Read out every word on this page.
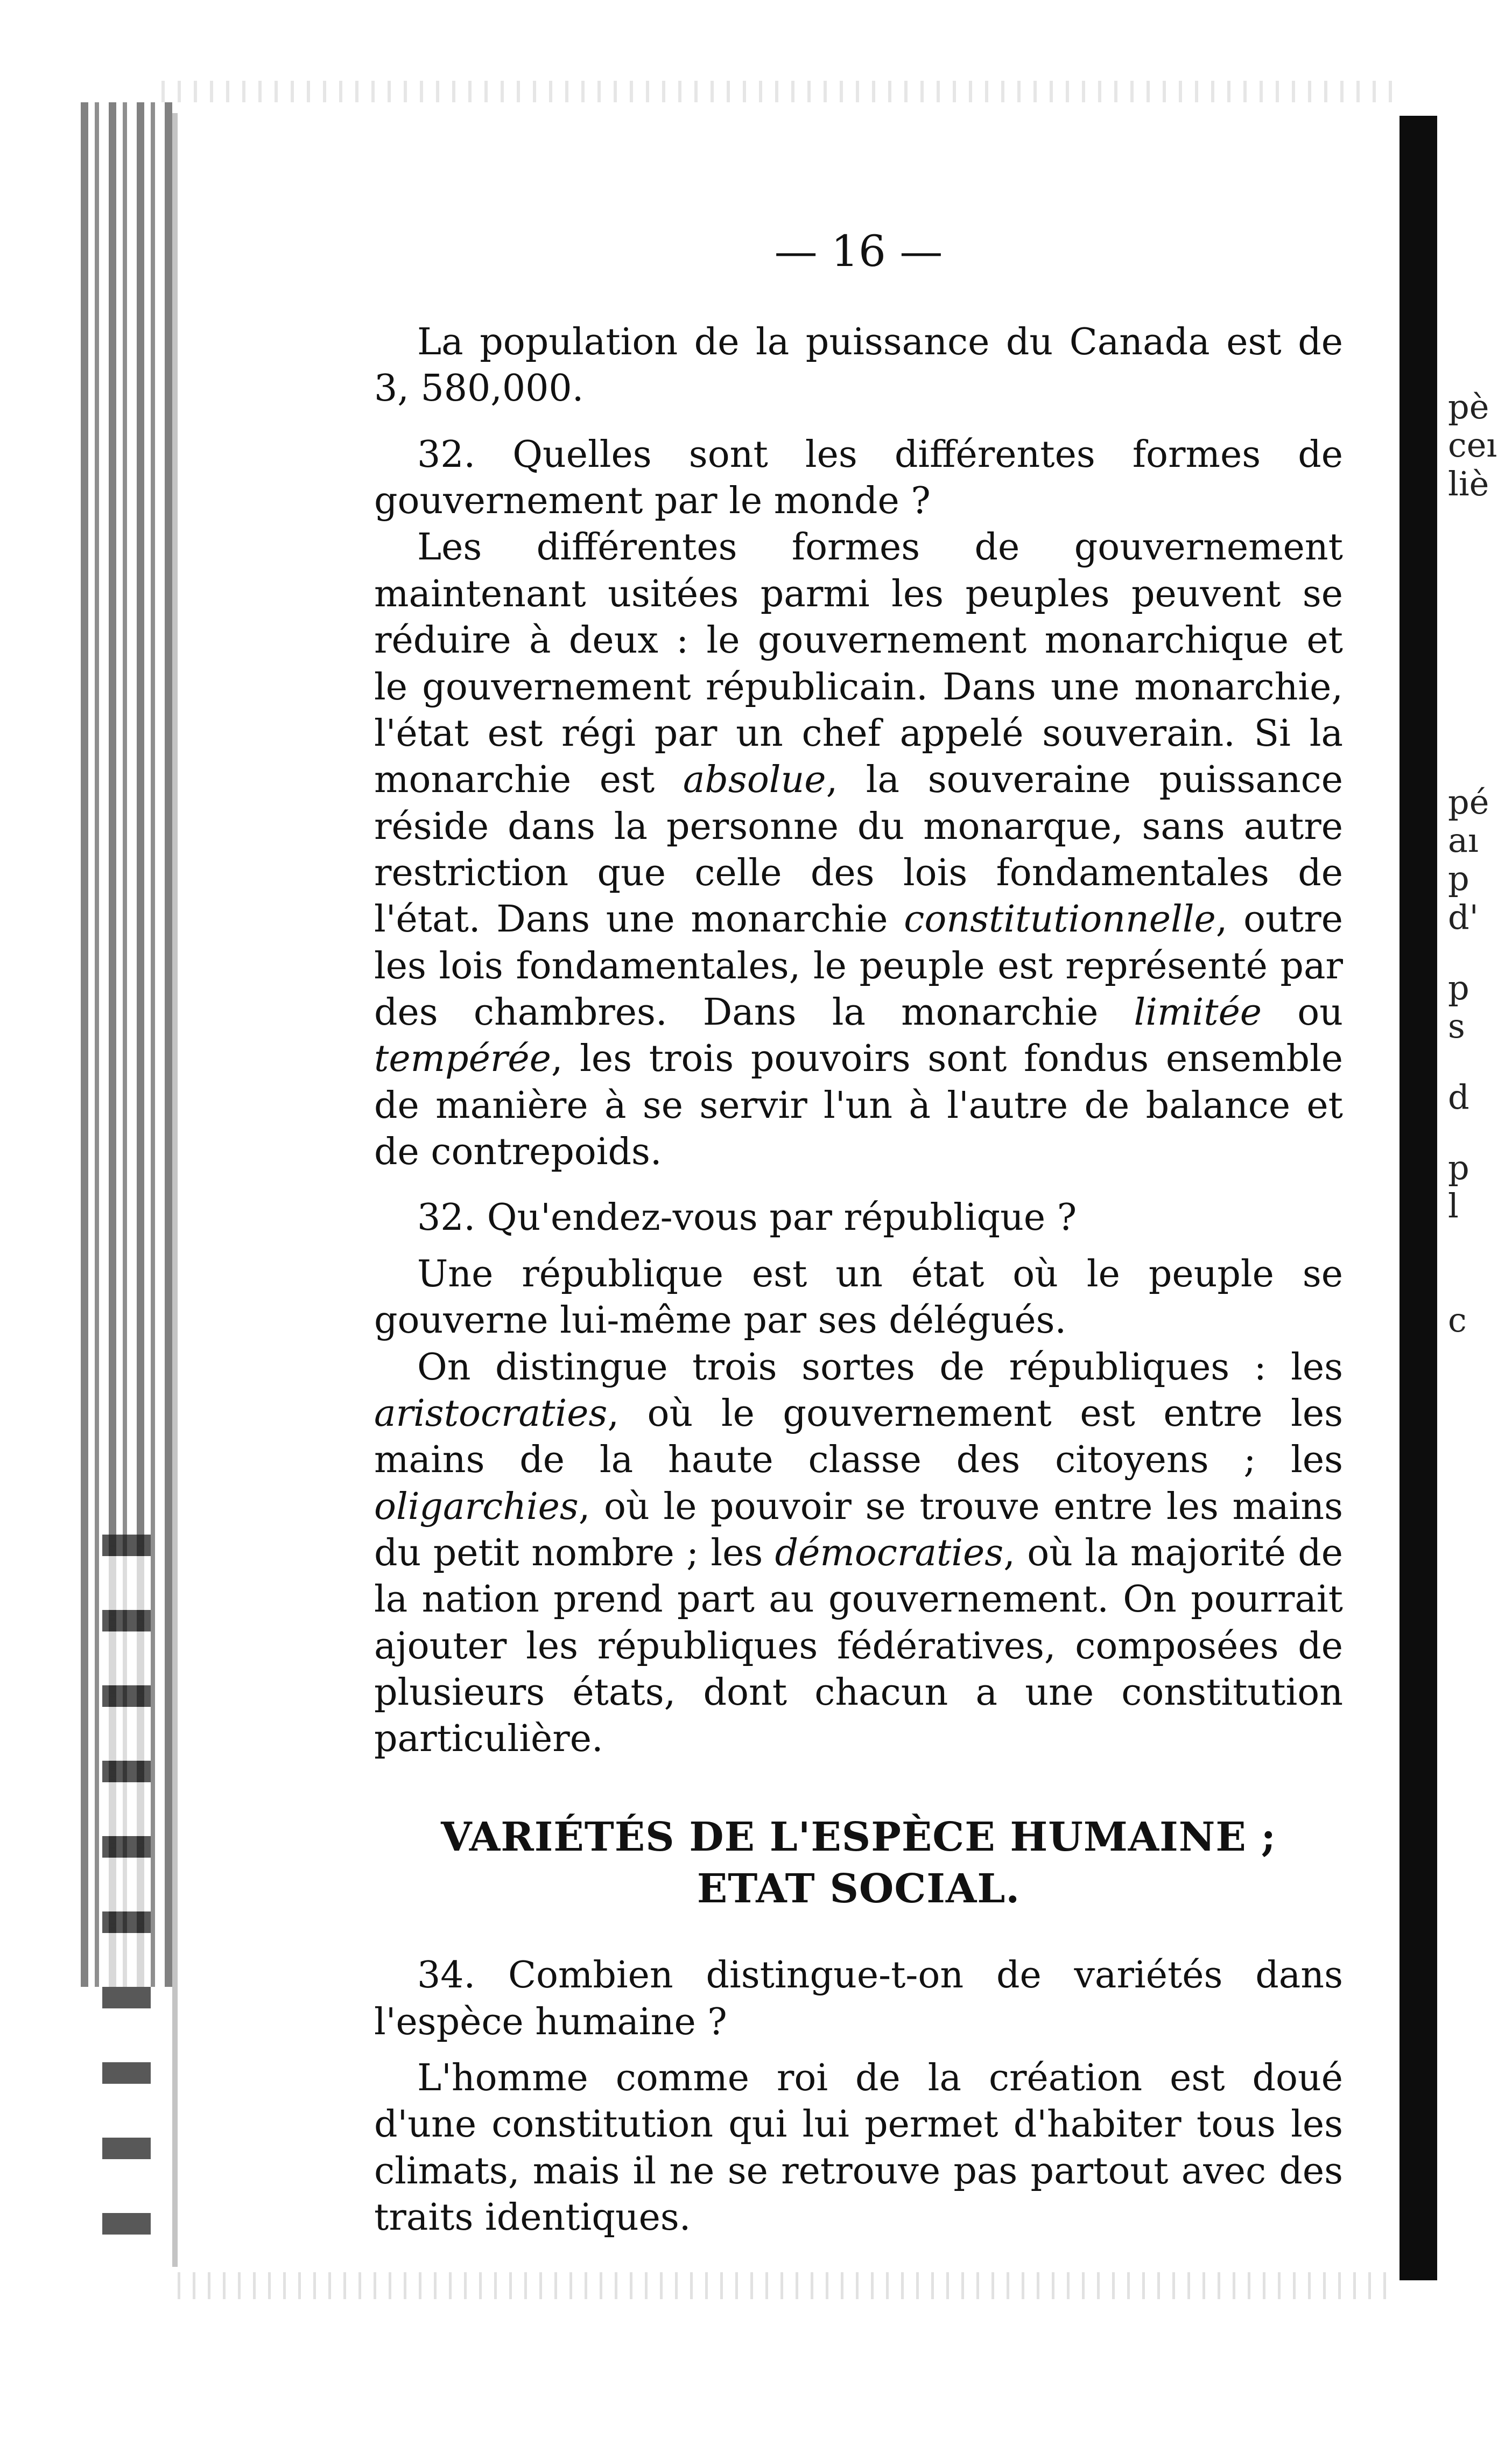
pè
ceı
liè
pé
aı
p
d'
p
s
d
p
l
c
— 16 —

La population de la puissance du Canada est de 3, 580,000.

32. Quelles sont les différentes formes de gouvernement par le monde ?

Les différentes formes de gouvernement maintenant usitées parmi les peuples peuvent se réduire à deux : le gouvernement monarchique et le gouvernement républicain. Dans une monarchie, l'état est régi par un chef appelé souverain. Si la monarchie est absolue, la souveraine puissance réside dans la personne du monarque, sans autre restriction que celle des lois fondamentales de l'état. Dans une monarchie constitutionnelle, outre les lois fondamentales, le peuple est représenté par des chambres. Dans la monarchie limitée ou tempérée, les trois pouvoirs sont fondus ensemble de manière à se servir l'un à l'autre de balance et de contrepoids.

32. Qu'endez-vous par république ?

Une république est un état où le peuple se gouverne lui-même par ses délégués.

On distingue trois sortes de républiques : les aristocraties, où le gouvernement est entre les mains de la haute classe des citoyens ; les oligarchies, où le pouvoir se trouve entre les mains du petit nombre ; les démocraties, où la majorité de la nation prend part au gouvernement. On pourrait ajouter les républiques fédératives, composées de plusieurs états, dont chacun a une constitution particulière.

VARIÉTÉS DE L'ESPÈCE HUMAINE ;
ETAT SOCIAL.

34. Combien distingue-t-on de variétés dans l'espèce humaine ?

L'homme comme roi de la création est doué d'une constitution qui lui permet d'habiter tous les climats, mais il ne se retrouve pas partout avec des traits identiques.
